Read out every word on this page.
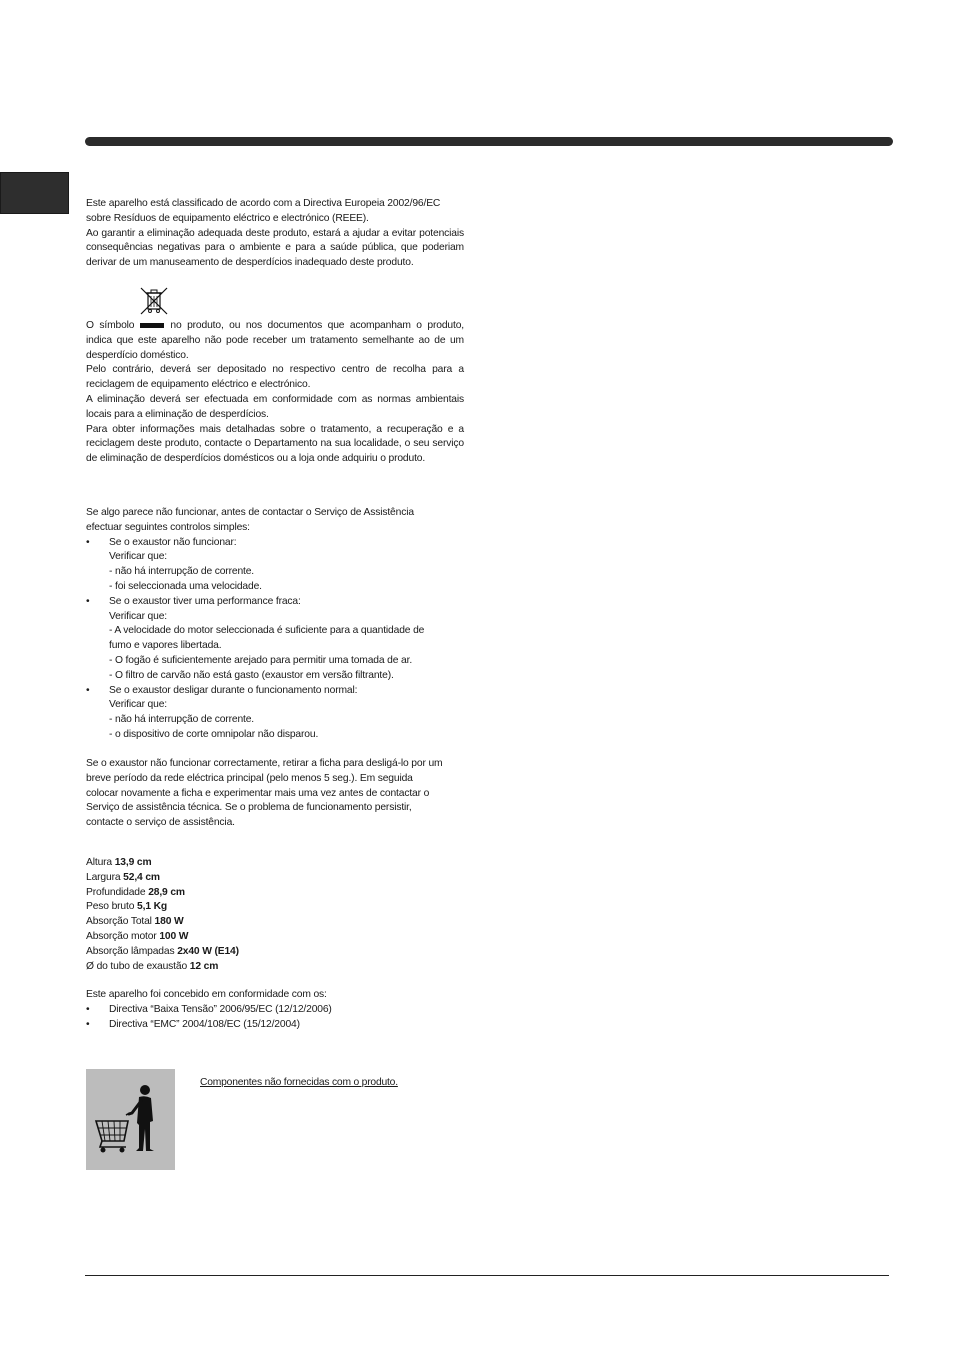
Este aparelho está classificado de acordo com a Directiva Europeia 2002/96/EC sobre Resíduos de equipamento eléctrico e electrónico (REEE).

Ao garantir a eliminação adequada deste produto, estará a ajudar a evitar potenciais consequências negativas para o ambiente e para a saúde pública, que poderiam derivar de um manuseamento de desperdícios inadequado deste produto.

O símbolo	no produto, ou nos documentos que acompanham o produto, indica que este aparelho não pode receber um tratamento semelhante ao de um desperdício doméstico.

Pelo contrário, deverá ser depositado no respectivo centro de recolha para a reciclagem de equipamento eléctrico e electrónico.

A eliminação deverá ser efectuada em conformidade com as normas ambientais locais para a eliminação de desperdícios.

Para obter informações mais detalhadas sobre o tratamento, a recuperação e a reciclagem deste produto, contacte o Departamento na sua localidade, o seu serviço de eliminação de desperdícios domésticos ou a loja onde adquiriu o produto.

Se algo parece não funcionar, antes de contactar o Serviço de Assistência

efectuar seguintes controlos simples:

• Se o exaustor não funcionar:

Verificar que:

- não há interrupção de corrente.

- foi seleccionada uma velocidade.

• Se o exaustor tiver uma performance fraca:

Verificar que:

- A velocidade do motor seleccionada é suficiente para a quantidade de

fumo e vapores libertada.

- O fogão é suficientemente arejado para permitir uma tomada de ar.

- O filtro de carvão não está gasto (exaustor em versão filtrante).

• Se o exaustor desligar durante o funcionamento normal:

Verificar que:

- não há interrupção de corrente.

- o dispositivo de corte omnipolar não disparou.

Se o exaustor não funcionar correctamente, retirar a ficha para desligá-lo por um

breve período da rede eléctrica principal (pelo menos 5 seg.). Em seguida

colocar novamente a ficha e experimentar mais uma vez antes de contactar o

Serviço de assistência técnica. Se o problema de funcionamento persistir,

contacte o serviço de assistência.

Altura 13,9 cm

Largura 52,4 cm

Profundidade 28,9 cm

Peso bruto 5,1 Kg

Absorção Total 180 W

Absorção motor 100 W

Absorção lâmpadas 2x40 W (E14)

Ø do tubo de exaustão 12 cm

Este aparelho foi concebido em conformidade com os:

• Directiva “Baixa Tensão” 2006/95/EC (12/12/2006)

• Directiva “EMC” 2004/108/EC (15/12/2004)

Componentes não fornecidas com o produto.
